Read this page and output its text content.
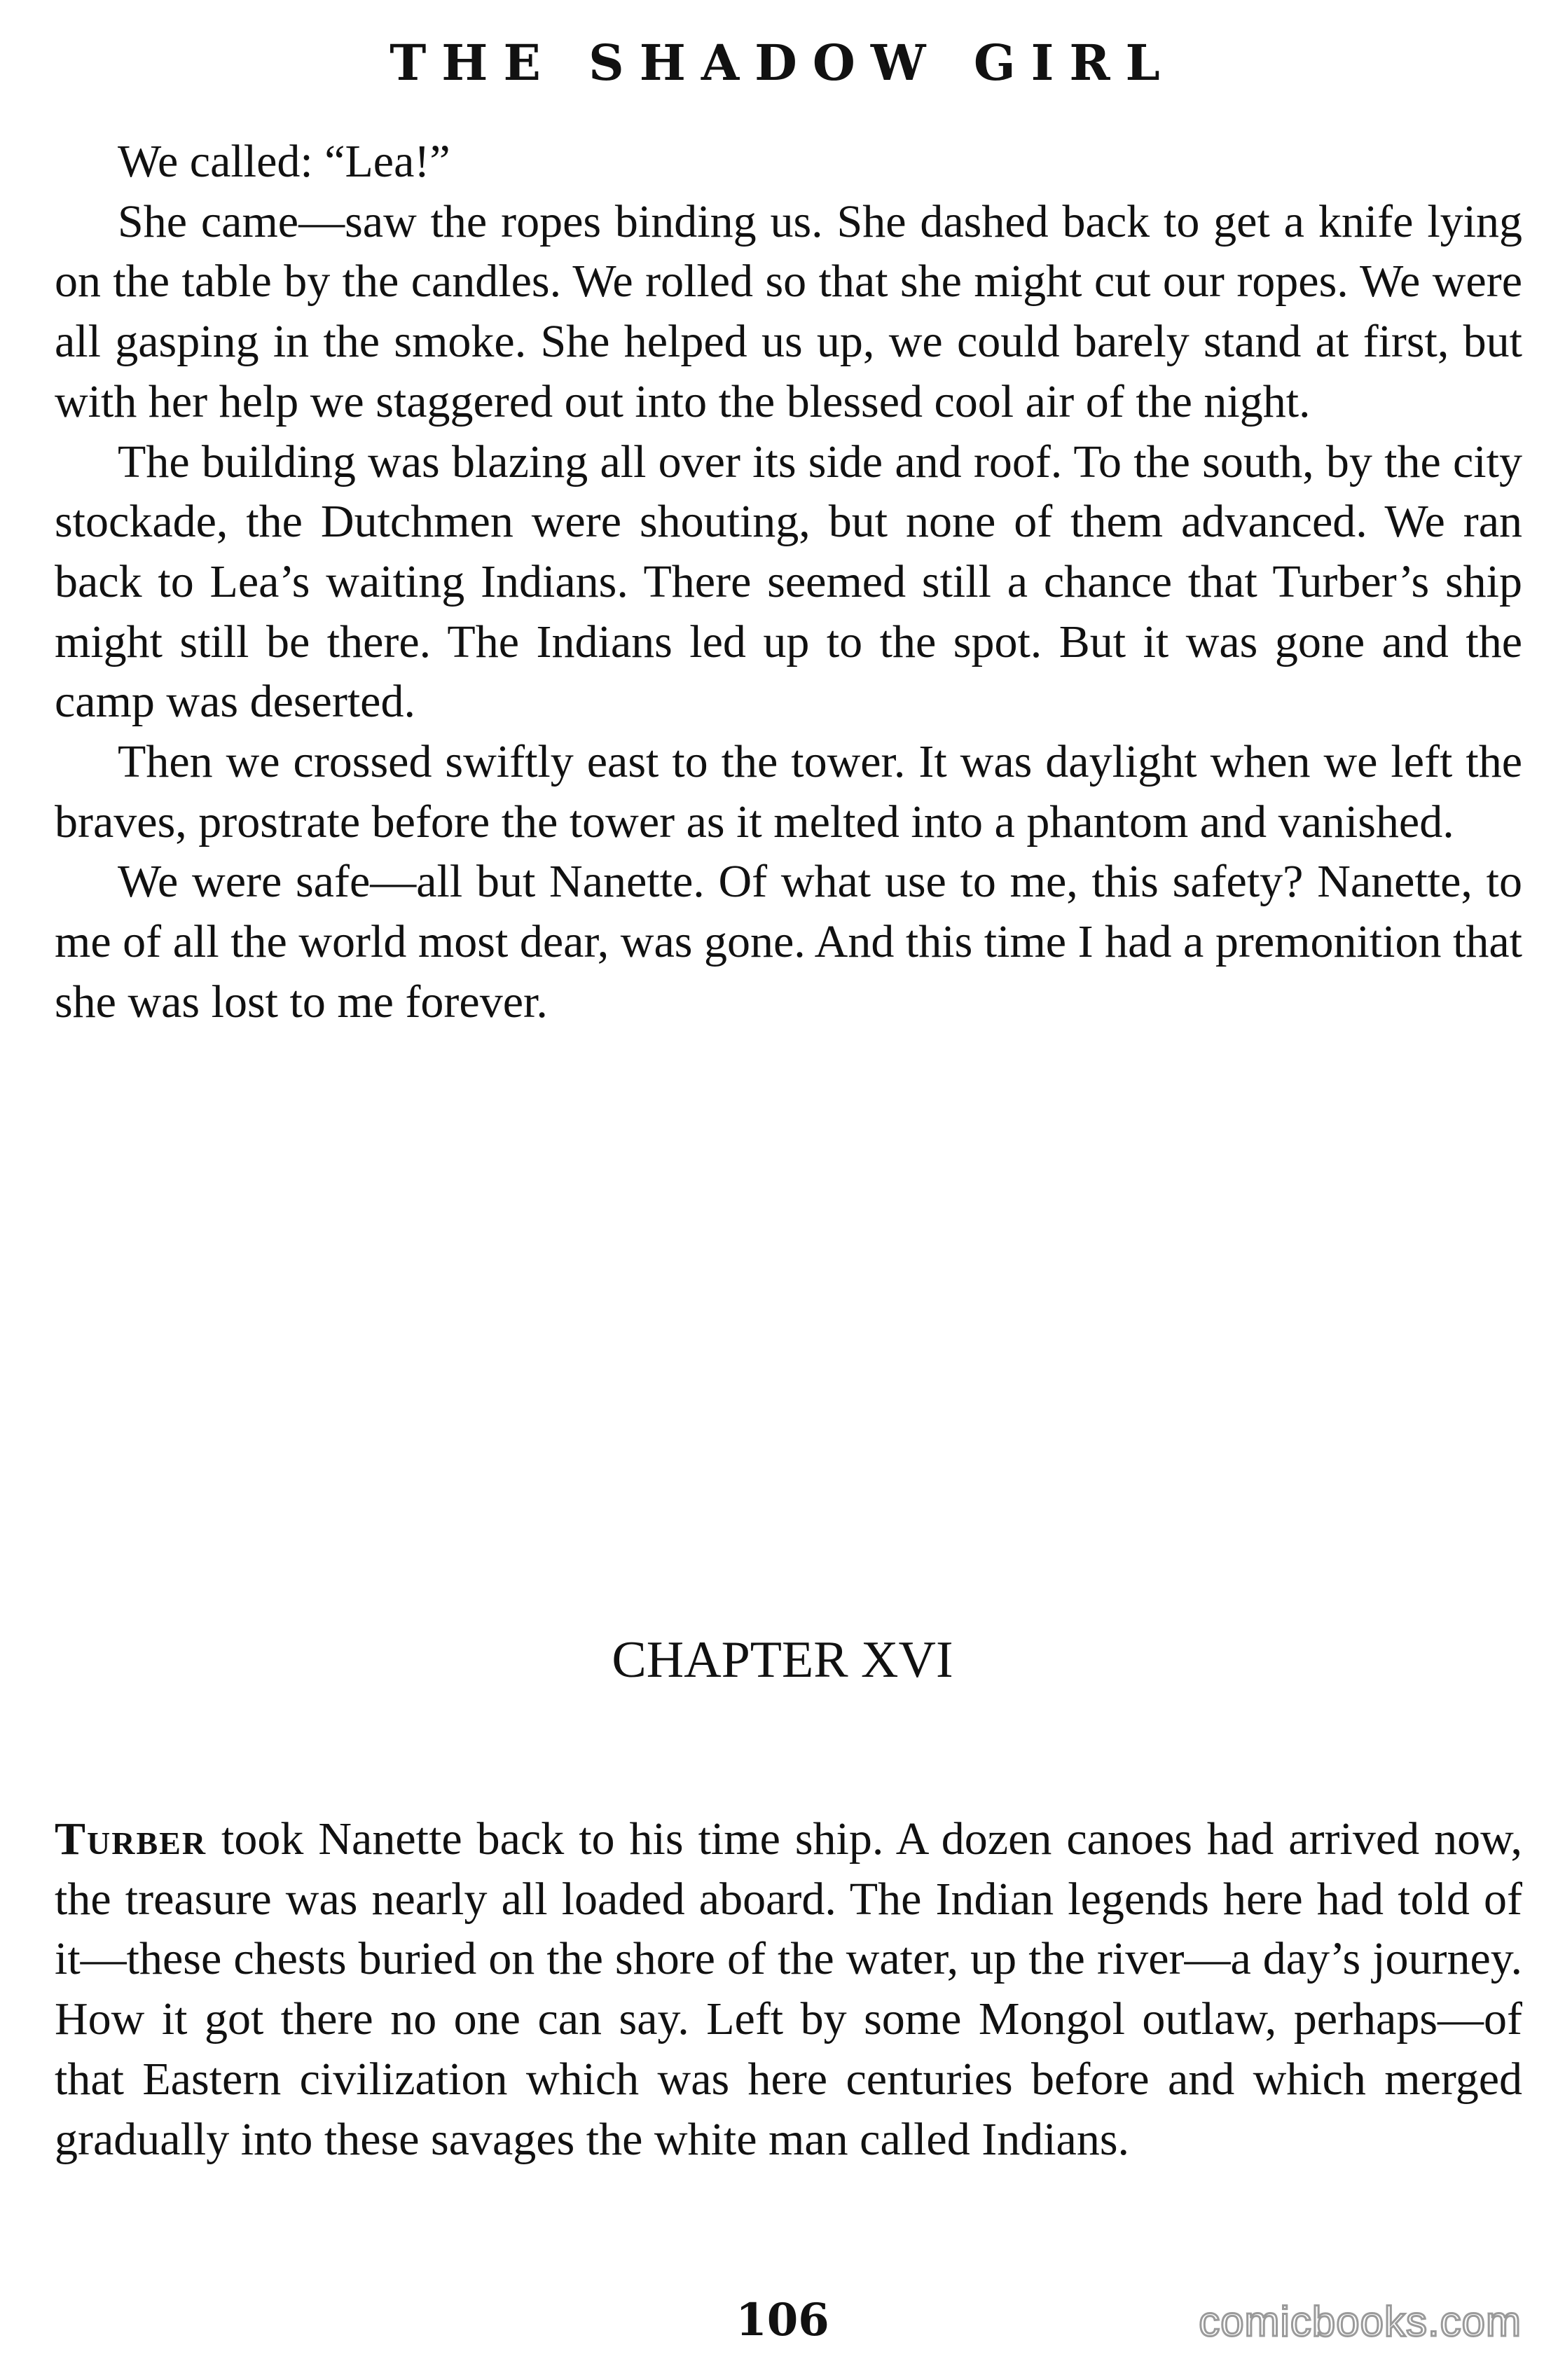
THE SHADOW GIRL

We called: “Lea!”

She came—saw the ropes binding us. She dashed back to get a knife lying on the table by the candles. We rolled so that she might cut our ropes. We were all gasping in the smoke. She helped us up, we could barely stand at first, but with her help we staggered out into the blessed cool air of the night.

The building was blazing all over its side and roof. To the south, by the city stockade, the Dutchmen were shouting, but none of them advanced. We ran back to Lea’s waiting Indians. There seemed still a chance that Turber’s ship might still be there. The Indians led up to the spot. But it was gone and the camp was deserted.

Then we crossed swiftly east to the tower. It was daylight when we left the braves, prostrate before the tower as it melted into a phantom and vanished.

We were safe—all but Nanette. Of what use to me, this safety? Nanette, to me of all the world most dear, was gone. And this time I had a premonition that she was lost to me forever.

CHAPTER XVI

Turber took Nanette back to his time ship. A dozen canoes had arrived now, the treasure was nearly all loaded aboard. The Indian legends here had told of it—these chests buried on the shore of the water, up the river—a day’s journey. How it got there no one can say. Left by some Mongol outlaw, perhaps—of that Eastern civilization which was here centuries before and which merged gradually into these savages the white man called Indians.

106	comicbooks.com
